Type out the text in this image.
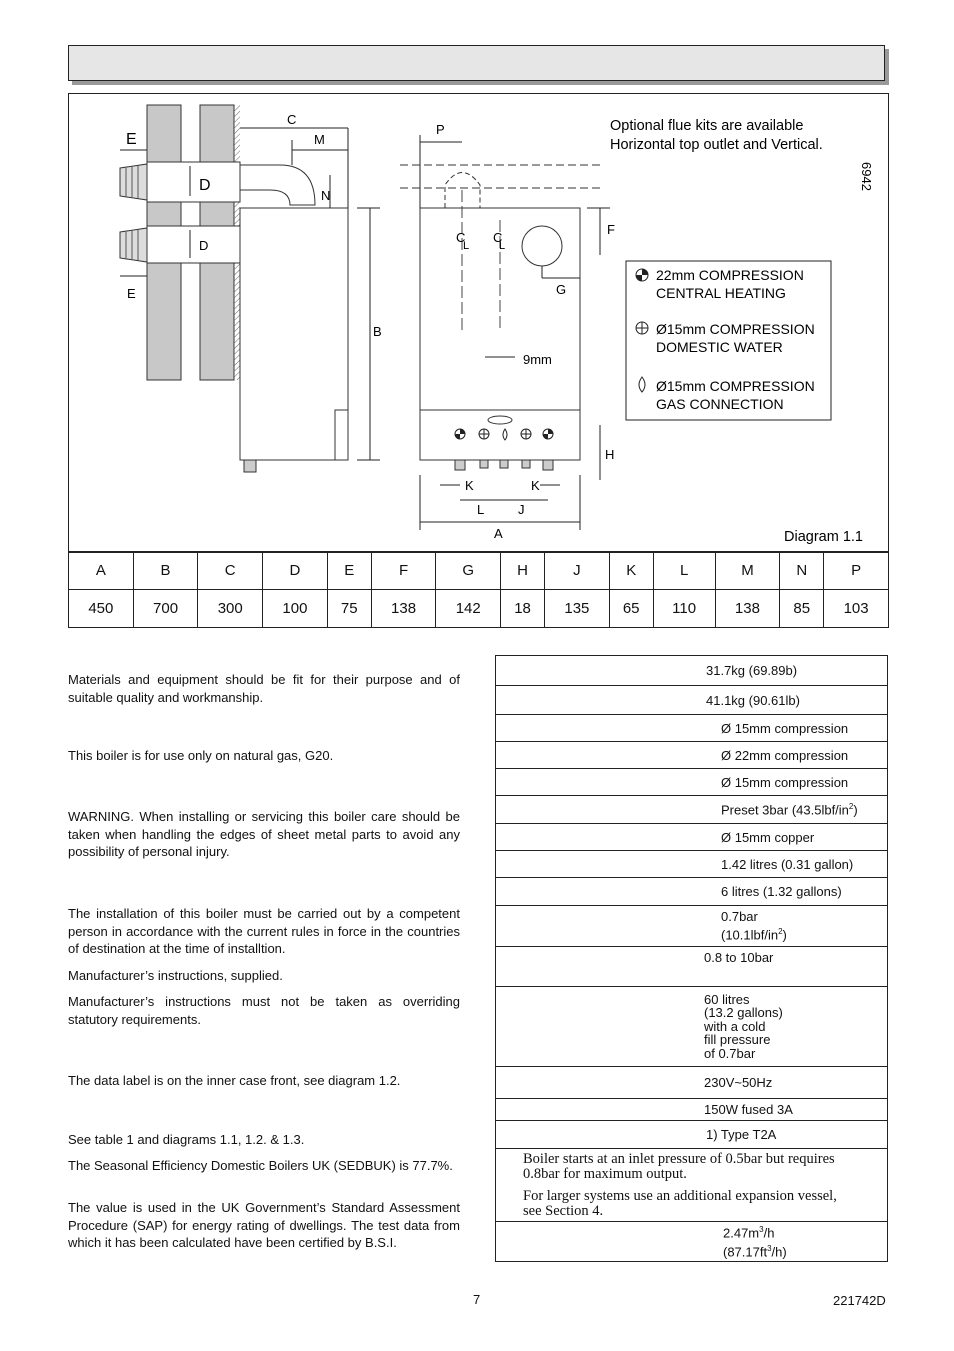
C
M
N
B
D
D
E
E
P
F
G
C
L
C
L
9mm
H
K	K
L	J
A
Optional flue kits are available
Horizontal top outlet and Vertical.
6942
22mm COMPRESSION
CENTRAL HEATING
Ø15mm COMPRESSION
DOMESTIC WATER
Ø15mm COMPRESSION
GAS CONNECTION
Diagram 1.1
A	B	C	D	E	F	G	H	J	K	L	M	N	P
450	700	300	100	75	138	142	18	135	65	110	138	85	103

Materials and equipment should be fit for their purpose and of suitable quality and workmanship.

This boiler is for use only on natural gas, G20.

WARNING. When installing or servicing this boiler care should be taken when handling the edges of sheet metal parts to avoid any possibility of personal injury.

The installation of this boiler must be carried out by a competent person in accordance with the current rules in force in the countries of destination at the time of installtion.

Manufacturer’s instructions, supplied.

Manufacturer’s instructions must not be taken as overriding statutory requirements.

The data label is on the inner case front, see diagram 1.2.

See table 1 and diagrams 1.1, 1.2. & 1.3.

The Seasonal Efficiency Domestic Boilers UK (SEDBUK) is 77.7%.

The value is used in the UK Government’s Standard Assessment Procedure (SAP) for energy rating of dwellings. The test data from which it has been calculated have been certified by B.S.I.

31.7kg (69.89b)

41.1kg (90.61lb)

Ø 15mm compression

Ø 22mm compression

Ø 15mm compression

Preset 3bar $(43.5lbf/in^2)$

Ø 15mm copper

1.42 litres (0.31 gallon)

6 litres (1.32 gallons)

0.7bar
$(10.1lbf/in^2)$

0.8 to 10bar

60 litres
(13.2 gallons)
with a cold
fill pressure
of 0.7bar

230V~50Hz

150W fused 3A

1) Type T2A

Boiler starts at an inlet pressure of 0.5bar but requires 0.8bar for maximum output.
For larger systems use an additional expansion vessel, see Section 4.

$2.47m^3/h$
$(87.17ft^3/h)$
7	221742D
